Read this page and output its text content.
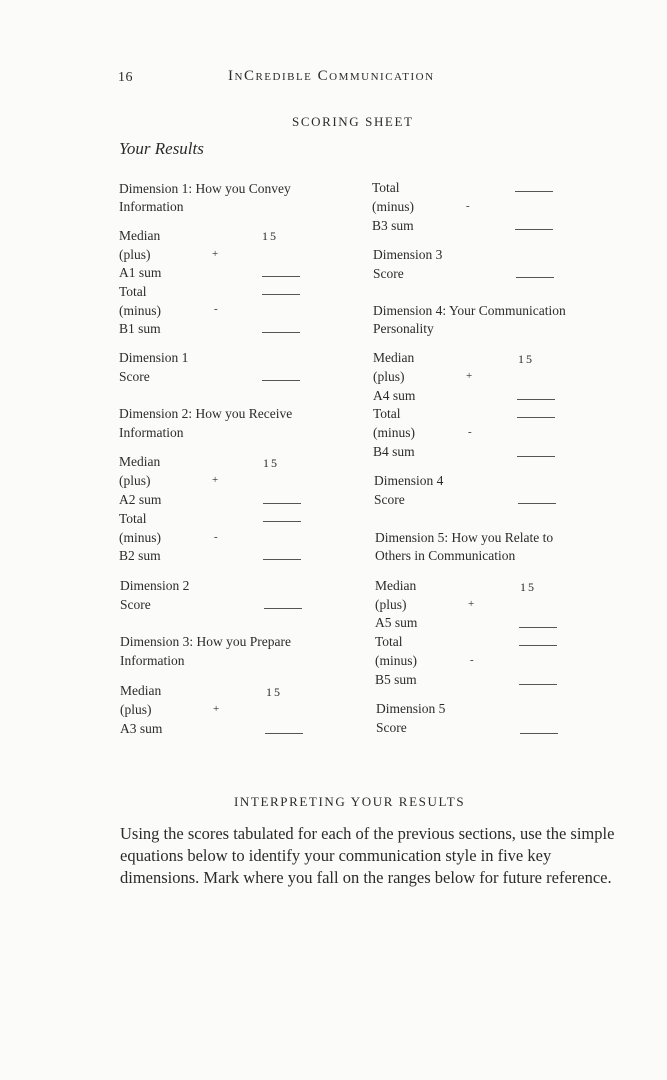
16	InCredible Communication
SCORING SHEET
Your Results
Dimension 1: How you Convey
Information
Median	15
(plus)	+
A1 sum
Total
(minus)	-
B1 sum
Dimension 1
Score
Dimension 2: How you Receive
Information
Median	15
(plus)	+
A2 sum
Total
(minus)	-
B2 sum
Dimension 2
Score
Dimension 3: How you Prepare
Information
Median	15
(plus)	+
A3 sum
Total
(minus)	-
B3 sum
Dimension 3
Score
Dimension 4: Your Communication
Personality
Median	15
(plus)	+
A4 sum
Total
(minus)	-
B4 sum
Dimension 4
Score
Dimension 5: How you Relate to
Others in Communication
Median	15
(plus)	+
A5 sum
Total
(minus)	-
B5 sum
Dimension 5
Score
INTERPRETING YOUR RESULTS
Using the scores tabulated for each of the previous sections, use the simple equations below to identify your communication style in five key dimensions. Mark where you fall on the ranges below for future reference.
